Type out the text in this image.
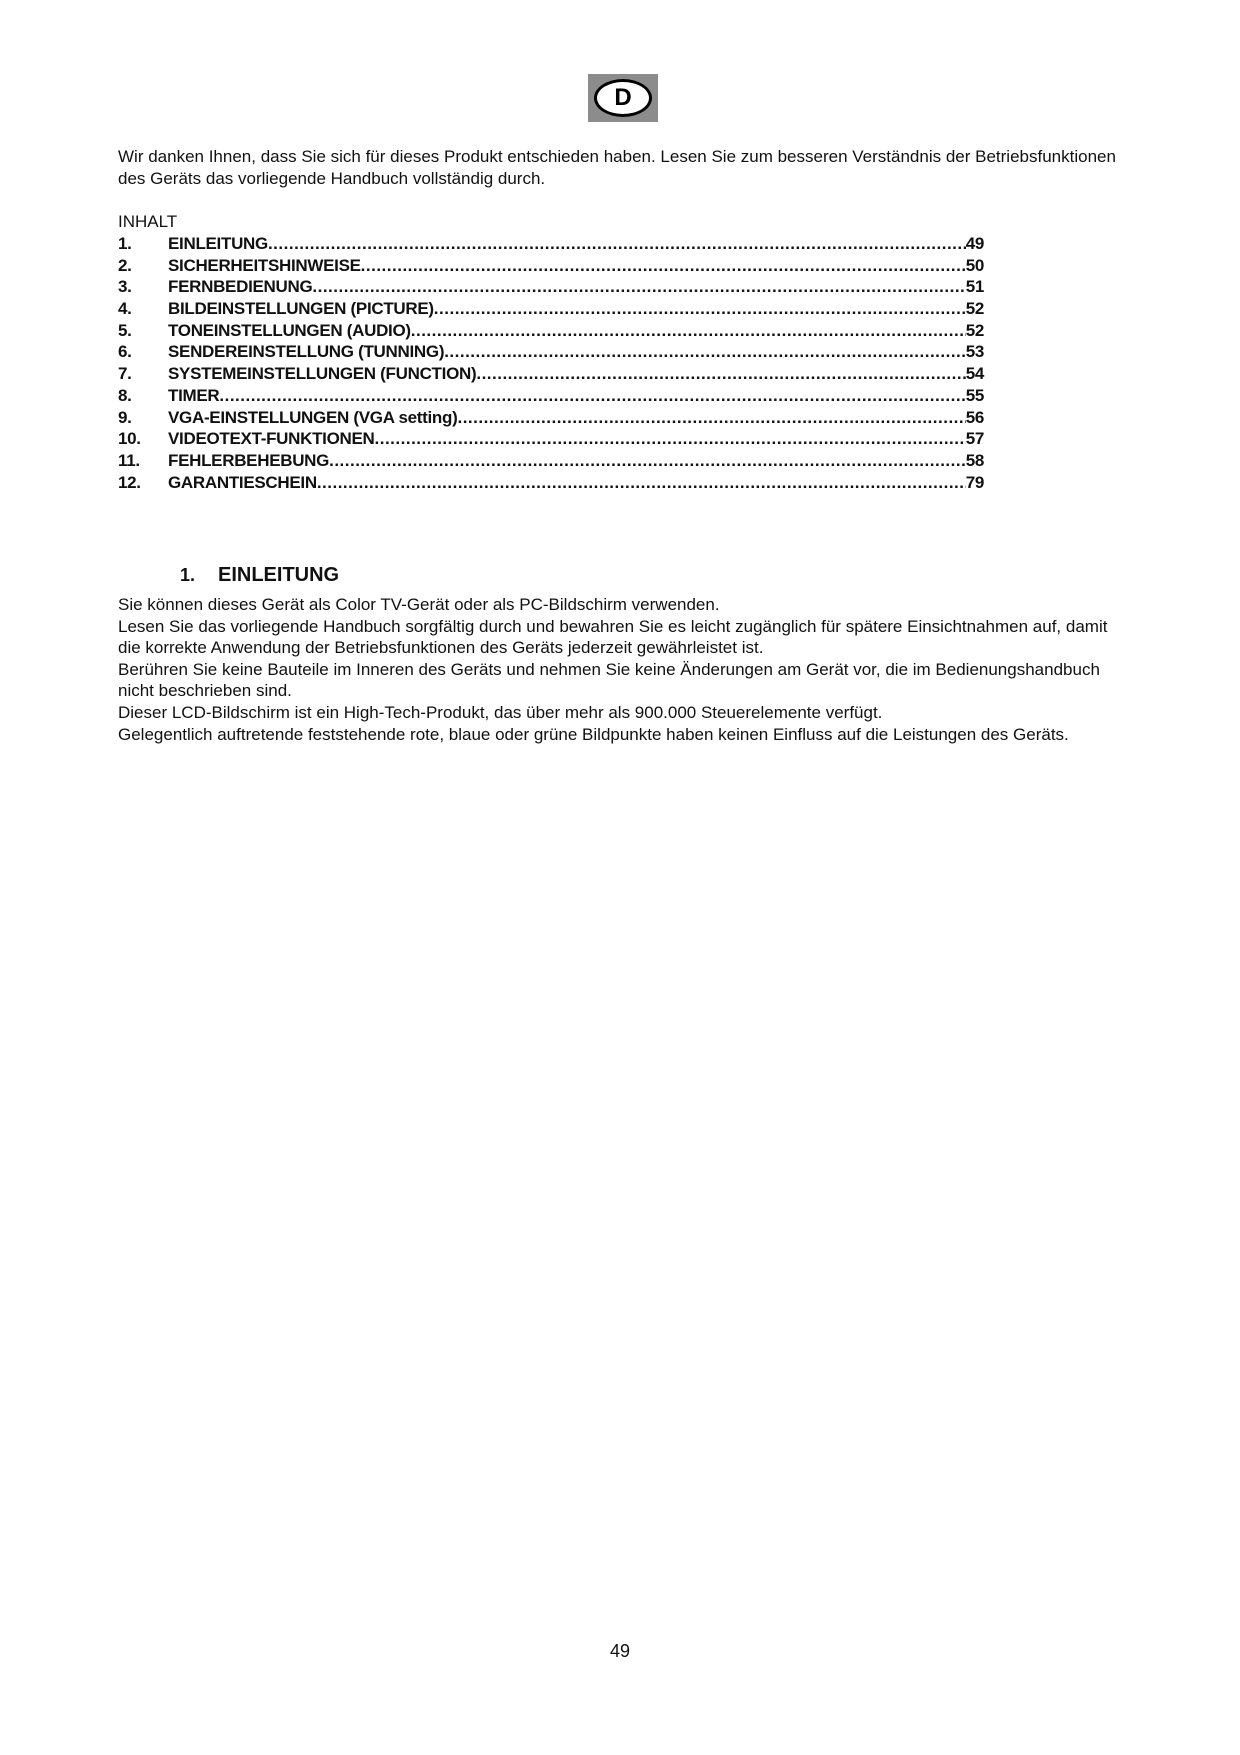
D

Wir danken Ihnen, dass Sie sich für dieses Produkt entschieden haben. Lesen Sie zum besseren Verständnis der Betriebsfunktionen des Geräts das vorliegende Handbuch vollständig durch.

INHALT

1.	EINLEITUNG .....	49
2.	SICHERHEITSHINWEISE .....	50
3.	FERNBEDIENUNG .....	51
4.	BILDEINSTELLUNGEN (PICTURE) .....	52
5.	TONEINSTELLUNGEN (AUDIO) .....	52
6.	SENDEREINSTELLUNG (TUNNING) .....	53
7.	SYSTEMEINSTELLUNGEN (FUNCTION) .....	54
8.	TIMER .....	55
9.	VGA-EINSTELLUNGEN (VGA setting) .....	56
10.	VIDEOTEXT-FUNKTIONEN .....	57
11.	FEHLERBEHEBUNG .....	58
12.	GARANTIESCHEIN .....	79
1.	EINLEITUNG

Sie können dieses Gerät als Color TV-Gerät oder als PC-Bildschirm verwenden.

Lesen Sie das vorliegende Handbuch sorgfältig durch und bewahren Sie es leicht zugänglich für spätere Einsichtnahmen auf, damit die korrekte Anwendung der Betriebsfunktionen des Geräts jederzeit gewährleistet ist.

Berühren Sie keine Bauteile im Inneren des Geräts und nehmen Sie keine Änderungen am Gerät vor, die im Bedienungshandbuch nicht beschrieben sind.

Dieser LCD-Bildschirm ist ein High-Tech-Produkt, das über mehr als 900.000 Steuerelemente verfügt.

Gelegentlich auftretende feststehende rote, blaue oder grüne Bildpunkte haben keinen Einfluss auf die Leistungen des Geräts.

49
